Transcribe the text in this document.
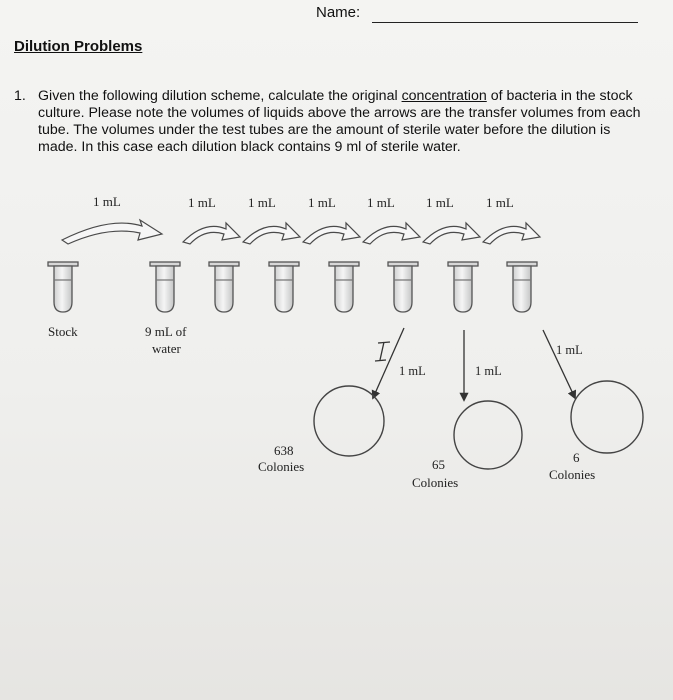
Name:
Dilution Problems
1. Given the following dilution scheme, calculate the original concentration of bacteria in the stock culture. Please note the volumes of liquids above the arrows are the transfer volumes from each tube. The volumes under the test tubes are the amount of sterile water before the dilution is made. In this case each dilution black contains 9 ml of sterile water.
1 mL	1 mL 1 mL 1 mL 1 mL 1 mL 1 mL
Stock	9 mL of
water
1 mL	1 mL
1 mL
638
Colonies	65
Colonies
6
Colonies
